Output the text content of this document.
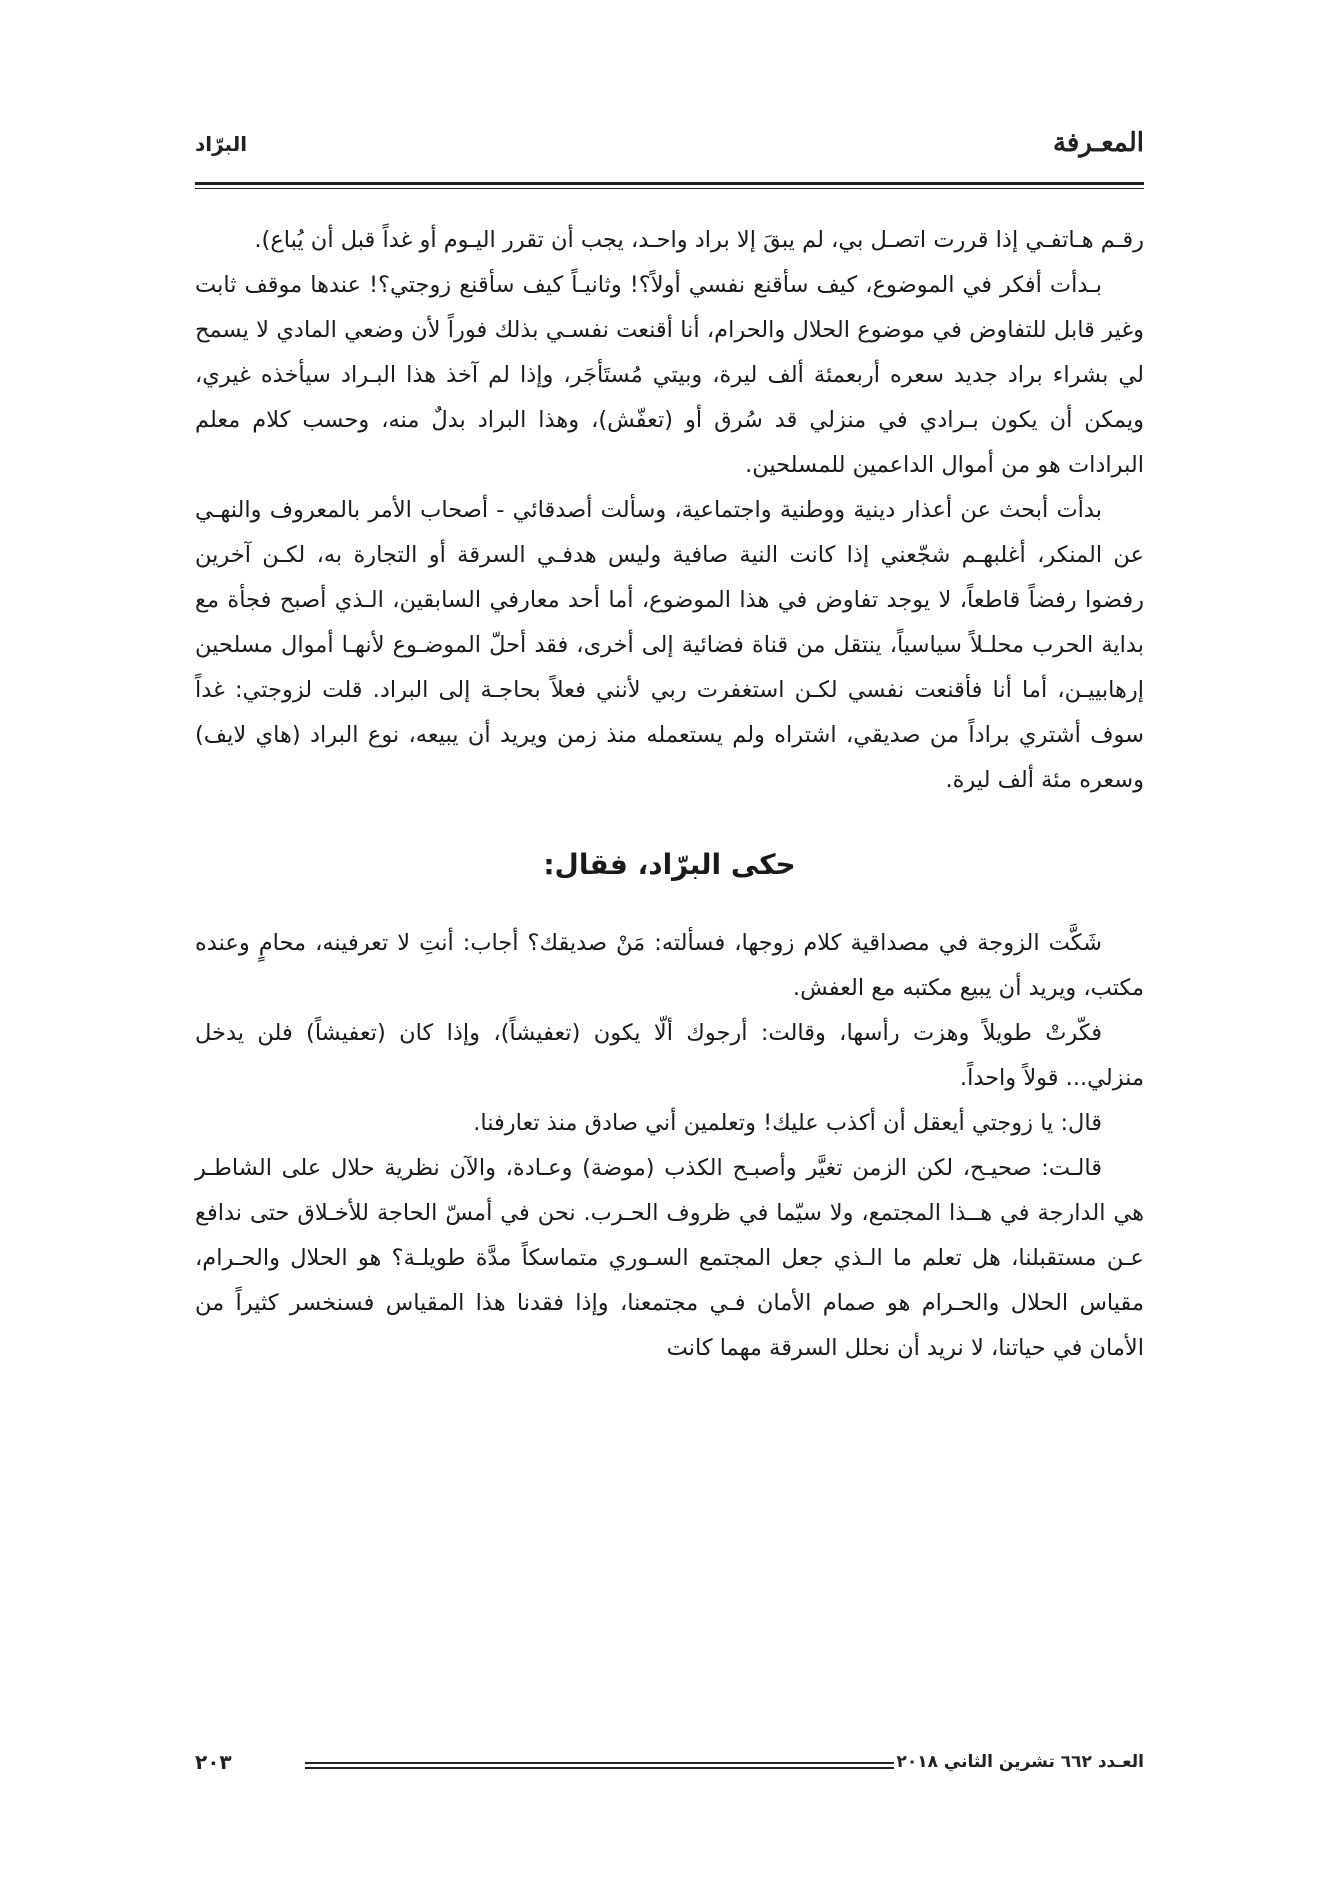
المعـرفة
البرّاد

رقـم هـاتفـي إذا قررت اتصـل بي، لم يبقَ إلا براد واحـد، يجب أن تقرر اليـوم أو غداً قبل أن يُباع).

بـدأت أفكر في الموضوع، كيف سأقنع نفسي أولاً؟! وثانيـاً كيف سأقنع زوجتي؟! عندها موقف ثابت وغير قابل للتفاوض في موضوع الحلال والحرام، أنا أقنعت نفسـي بذلك فوراً لأن وضعي المادي لا يسمح لي بشراء براد جديد سعره أربعمئة ألف ليرة، وبيتي مُستَأجَر، وإذا لم آخذ هذا البـراد سيأخذه غيري، ويمكن أن يكون بـرادي في منزلي قد سُرق أو (تعفّش)، وهذا البراد بدلٌ منه، وحسب كلام معلم البرادات هو من أموال الداعمين للمسلحين.

بدأت أبحث عن أعذار دينية ووطنية واجتماعية، وسألت أصدقائي - أصحاب الأمر بالمعروف والنهـي عن المنكر، أغلبهـم شجّعني إذا كانت النية صافية وليس هدفـي السرقة أو التجارة به، لكـن آخرين رفضوا رفضاً قاطعاً، لا يوجد تفاوض في هذا الموضوع، أما أحد معارفي السابقين، الـذي أصبح فجأة مع بداية الحرب محلـلاً سياسياً، ينتقل من قناة فضائية إلى أخرى، فقد أحلّ الموضـوع لأنهـا أموال مسلحين إرهابييـن، أما أنا فأقنعت نفسي لكـن استغفرت ربي لأنني فعلاً بحاجـة إلى البراد. قلت لزوجتي: غداً سوف أشتري براداً من صديقي، اشتراه ولم يستعمله منذ زمن ويريد أن يبيعه، نوع البراد (هاي لايف) وسعره مئة ألف ليرة.

حكى البرّاد، فقال:

شَكَّت الزوجة في مصداقية كلام زوجها، فسألته: مَنْ صديقك؟ أجاب: أنتِ لا تعرفينه، محامٍ وعنده مكتب، ويريد أن يبيع مكتبه مع العفش.

فكّرتْ طويلاً وهزت رأسها، وقالت: أرجوك ألّا يكون (تعفيشاً)، وإذا كان (تعفيشاً) فلن يدخل منزلي... قولاً واحداً.

قال: يا زوجتي أيعقل أن أكذب عليك! وتعلمين أني صادق منذ تعارفنا.

قالـت: صحيـح، لكن الزمن تغيَّر وأصبـح الكذب (موضة) وعـادة، والآن نظرية حلال على الشاطـر هي الدارجة في هــذا المجتمع، ولا سيّما في ظروف الحـرب. نحن في أمسّ الحاجة للأخـلاق حتى ندافع عـن مستقبلنا، هل تعلم ما الـذي جعل المجتمع السـوري متماسكاً مدَّة طويلـة؟ هو الحلال والحـرام، مقياس الحلال والحـرام هو صمام الأمان فـي مجتمعنا، وإذا فقدنا هذا المقياس فسنخسر كثيراً من الأمان في حياتنا، لا نريد أن نحلل السرقة مهما كانت

العـدد ٦٦٢ تشرين الثاني ٢٠١٨
٢٠٣
